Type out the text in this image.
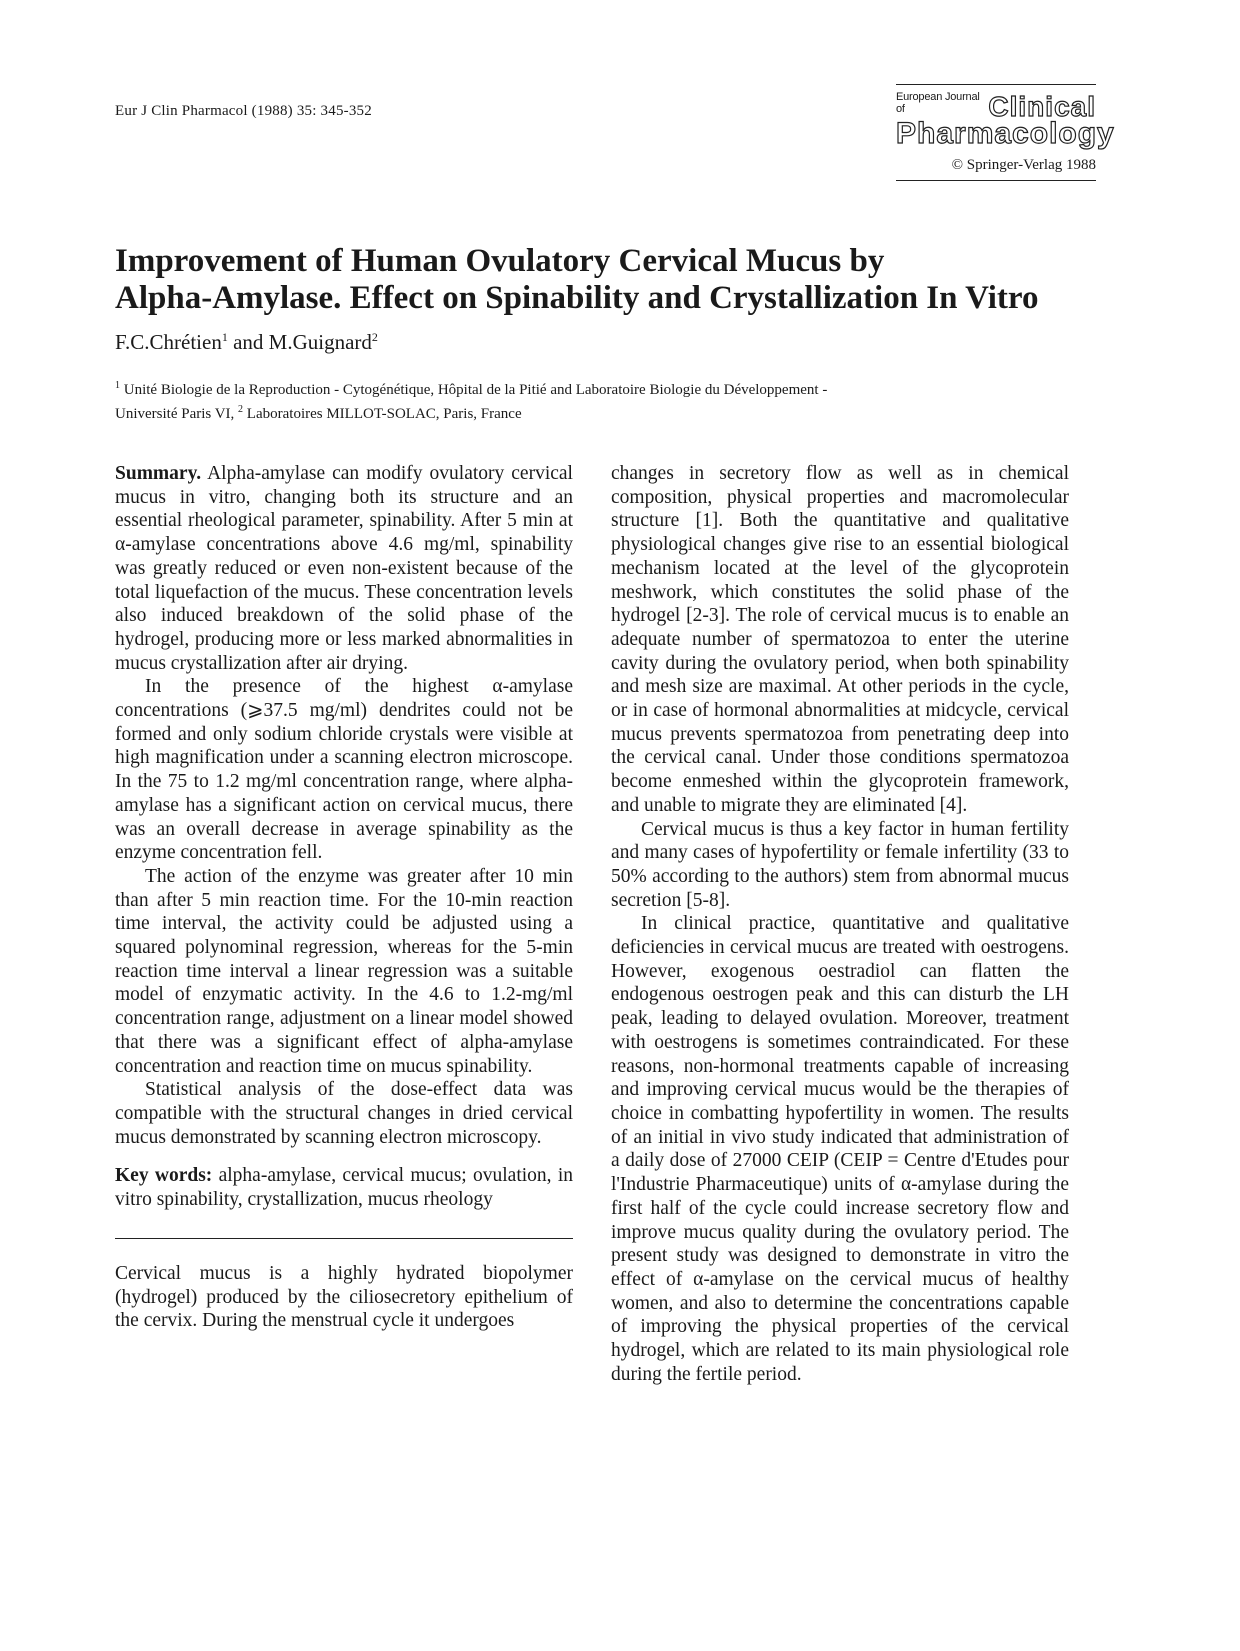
Eur J Clin Pharmacol (1988) 35: 345-352
European Journal of	Clinical
Pharmacology
© Springer-Verlag 1988
Improvement of Human Ovulatory Cervical Mucus by
Alpha-Amylase. Effect on Spinability and Crystallization In Vitro
F.C.Chrétien$^1$ and M.Guignard$^2$
$^1$ Unité Biologie de la Reproduction - Cytogénétique, Hôpital de la Pitié and Laboratoire Biologie du Développement -
Université Paris VI, $^2$ Laboratoires MILLOT-SOLAC, Paris, France

Summary. Alpha-amylase can modify ovulatory cervical mucus in vitro, changing both its structure and an essential rheological parameter, spinability. After 5 min at α-amylase concentrations above 4.6 mg/ml, spinability was greatly reduced or even non-existent because of the total liquefaction of the mucus. These concentration levels also induced breakdown of the solid phase of the hydrogel, producing more or less marked abnormalities in mucus crystallization after air drying.

In the presence of the highest α-amylase concentrations (⩾37.5 mg/ml) dendrites could not be formed and only sodium chloride crystals were visible at high magnification under a scanning electron microscope. In the 75 to 1.2 mg/ml concentration range, where alpha-amylase has a significant action on cervical mucus, there was an overall decrease in average spinability as the enzyme concentration fell.

The action of the enzyme was greater after 10 min than after 5 min reaction time. For the 10-min reaction time interval, the activity could be adjusted using a squared polynominal regression, whereas for the 5-min reaction time interval a linear regression was a suitable model of enzymatic activity. In the 4.6 to 1.2-mg/ml concentration range, adjustment on a linear model showed that there was a significant effect of alpha-amylase concentration and reaction time on mucus spinability.

Statistical analysis of the dose-effect data was compatible with the structural changes in dried cervical mucus demonstrated by scanning electron microscopy.

Key words: alpha-amylase, cervical mucus; ovulation, in vitro spinability, crystallization, mucus rheology

Cervical mucus is a highly hydrated biopolymer (hydrogel) produced by the ciliosecretory epithelium of the cervix. During the menstrual cycle it undergoes

changes in secretory flow as well as in chemical composition, physical properties and macromolecular structure [1]. Both the quantitative and qualitative physiological changes give rise to an essential biological mechanism located at the level of the glycoprotein meshwork, which constitutes the solid phase of the hydrogel [2-3]. The role of cervical mucus is to enable an adequate number of spermatozoa to enter the uterine cavity during the ovulatory period, when both spinability and mesh size are maximal. At other periods in the cycle, or in case of hormonal abnormalities at midcycle, cervical mucus prevents spermatozoa from penetrating deep into the cervical canal. Under those conditions spermatozoa become enmeshed within the glycoprotein framework, and unable to migrate they are eliminated [4].

Cervical mucus is thus a key factor in human fertility and many cases of hypofertility or female infertility (33 to 50% according to the authors) stem from abnormal mucus secretion [5-8].

In clinical practice, quantitative and qualitative deficiencies in cervical mucus are treated with oestrogens. However, exogenous oestradiol can flatten the endogenous oestrogen peak and this can disturb the LH peak, leading to delayed ovulation. Moreover, treatment with oestrogens is sometimes contraindicated. For these reasons, non-hormonal treatments capable of increasing and improving cervical mucus would be the therapies of choice in combatting hypofertility in women. The results of an initial in vivo study indicated that administration of a daily dose of 27000 CEIP (CEIP = Centre d'Etudes pour l'Industrie Pharmaceutique) units of α-amylase during the first half of the cycle could increase secretory flow and improve mucus quality during the ovulatory period. The present study was designed to demonstrate in vitro the effect of α-amylase on the cervical mucus of healthy women, and also to determine the concentrations capable of improving the physical properties of the cervical hydrogel, which are related to its main physiological role during the fertile period.
